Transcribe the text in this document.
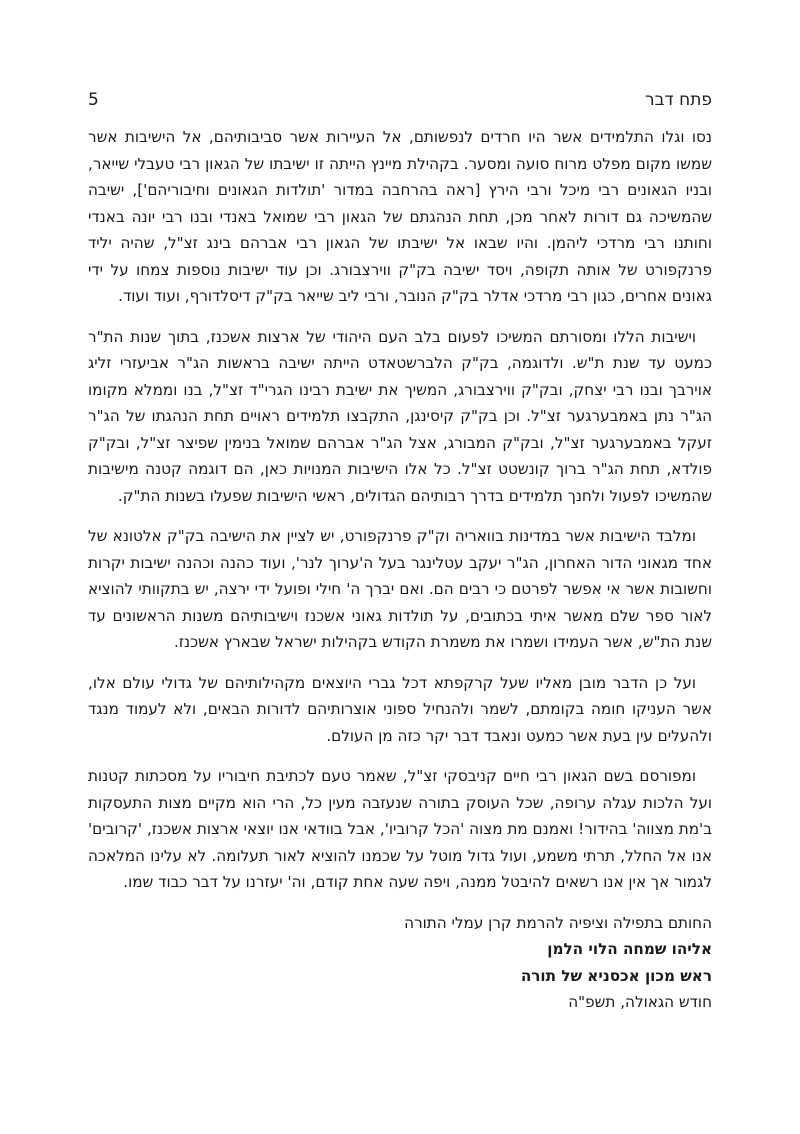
פתח דבר
5

נסו וגלו התלמידים אשר היו חרדים לנפשותם, אל העיירות אשר סביבותיהם, אל הישיבות אשר שמשו מקום מפלט מרוח סועה ומסער. בקהילת מיינץ הייתה זו ישיבתו של הגאון רבי טעבלי שייאר, ובניו הגאונים רבי מיכל ורבי הירץ [ראה בהרחבה במדור 'תולדות הגאונים וחיבוריהם'], ישיבה שהמשיכה גם דורות לאחר מכן, תחת הנהגתם של הגאון רבי שמואל באנדי ובנו רבי יונה באנדי וחותנו רבי מרדכי ליהמן. והיו שבאו אל ישיבתו של הגאון רבי אברהם בינג זצ"ל, שהיה יליד פרנקפורט של אותה תקופה, ויסד ישיבה בק"ק ווירצבורג. וכן עוד ישיבות נוספות צמחו על ידי גאונים אחרים, כגון רבי מרדכי אדלר בק"ק הנובר, ורבי ליב שייאר בק"ק דיסלדורף, ועוד ועוד.

וישיבות הללו ומסורתם המשיכו לפעום בלב העם היהודי של ארצות אשכנז, בתוך שנות הת"ר כמעט עד שנת ת"ש. ולדוגמה, בק"ק הלברשטאדט הייתה ישיבה בראשות הג"ר אביעזרי זליג אוירבך ובנו רבי יצחק, ובק"ק ווירצבורג, המשיך את ישיבת רבינו הגרי"ד זצ"ל, בנו וממלא מקומו הג"ר נתן באמבערגער זצ"ל. וכן בק"ק קיסינגן, התקבצו תלמידים ראויים תחת הנהגתו של הג"ר זעקל באמבערגער זצ"ל, ובק"ק המבורג, אצל הג"ר אברהם שמואל בנימין שפיצר זצ"ל, ובק"ק פולדא, תחת הג"ר ברוך קונשטט זצ"ל. כל אלו הישיבות המנויות כאן, הם דוגמה קטנה מישיבות שהמשיכו לפעול ולחנך תלמידים בדרך רבותיהם הגדולים, ראשי הישיבות שפעלו בשנות הת"ק.

ומלבד הישיבות אשר במדינות בוואריה וק"ק פרנקפורט, יש לציין את הישיבה בק"ק אלטונא של אחד מגאוני הדור האחרון, הג"ר יעקב עטלינגר בעל ה'ערוך לנר', ועוד כהנה וכהנה ישיבות יקרות וחשובות אשר אי אפשר לפרטם כי רבים הם. ואם יברך ה' חילי ופועל ידי ירצה, יש בתקוותי להוציא לאור ספר שלם מאשר איתי בכתובים, על תולדות גאוני אשכנז וישיבותיהם משנות הראשונים עד שנת הת"ש, אשר העמידו ושמרו את משמרת הקודש בקהילות ישראל שבארץ אשכנז.

ועל כן הדבר מובן מאליו שעל קרקפתא דכל גברי היוצאים מקהילותיהם של גדולי עולם אלו, אשר העניקו חומה בקומתם, לשמר ולהנחיל ספוני אוצרותיהם לדורות הבאים, ולא לעמוד מנגד ולהעלים עין בעת אשר כמעט ונאבד דבר יקר כזה מן העולם.

ומפורסם בשם הגאון רבי חיים קניבסקי זצ"ל, שאמר טעם לכתיבת חיבוריו על מסכתות קטנות ועל הלכות עגלה ערופה, שכל העוסק בתורה שנעזבה מעין כל, הרי הוא מקיים מצות התעסקות ב'מת מצווה' בהידור! ואמנם מת מצוה 'הכל קרוביו', אבל בוודאי אנו יוצאי ארצות אשכנז, 'קרובים' אנו אל החלל, תרתי משמע, ועול גדול מוטל על שכמנו להוציא לאור תעלומה. לא עלינו המלאכה לגמור אך אין אנו רשאים להיבטל ממנה, ויפה שעה אחת קודם, וה' יעזרנו על דבר כבוד שמו.

החותם בתפילה וציפיה להרמת קרן עמלי התורה
אליהו שמחה הלוי הלמן
ראש מכון אכסניא של תורה
חודש הגאולה, תשפ"ה
